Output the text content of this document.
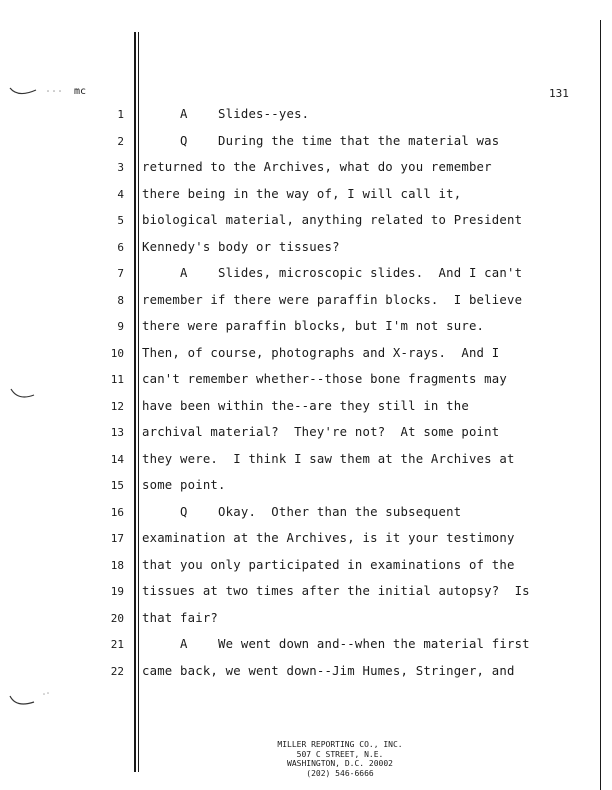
mc	131
1 A    Slides--yes.
2 Q    During the time that the material was
3 returned to the Archives, what do you remember
4 there being in the way of, I will call it,
5 biological material, anything related to President
6 Kennedy's body or tissues?
7 A    Slides, microscopic slides.  And I can't
8 remember if there were paraffin blocks.  I believe
9 there were paraffin blocks, but I'm not sure.
10 Then, of course, photographs and X-rays.  And I
11 can't remember whether--those bone fragments may
12 have been within the--are they still in the
13 archival material?  They're not?  At some point
14 they were.  I think I saw them at the Archives at
15 some point.
16 Q    Okay.  Other than the subsequent
17 examination at the Archives, is it your testimony
18 that you only participated in examinations of the
19 tissues at two times after the initial autopsy?  Is
20 that fair?
21 A    We went down and--when the material first
22 came back, we went down--Jim Humes, Stringer, and
MILLER REPORTING CO., INC.
507 C STREET, N.E.
WASHINGTON, D.C. 20002
(202) 546-6666
